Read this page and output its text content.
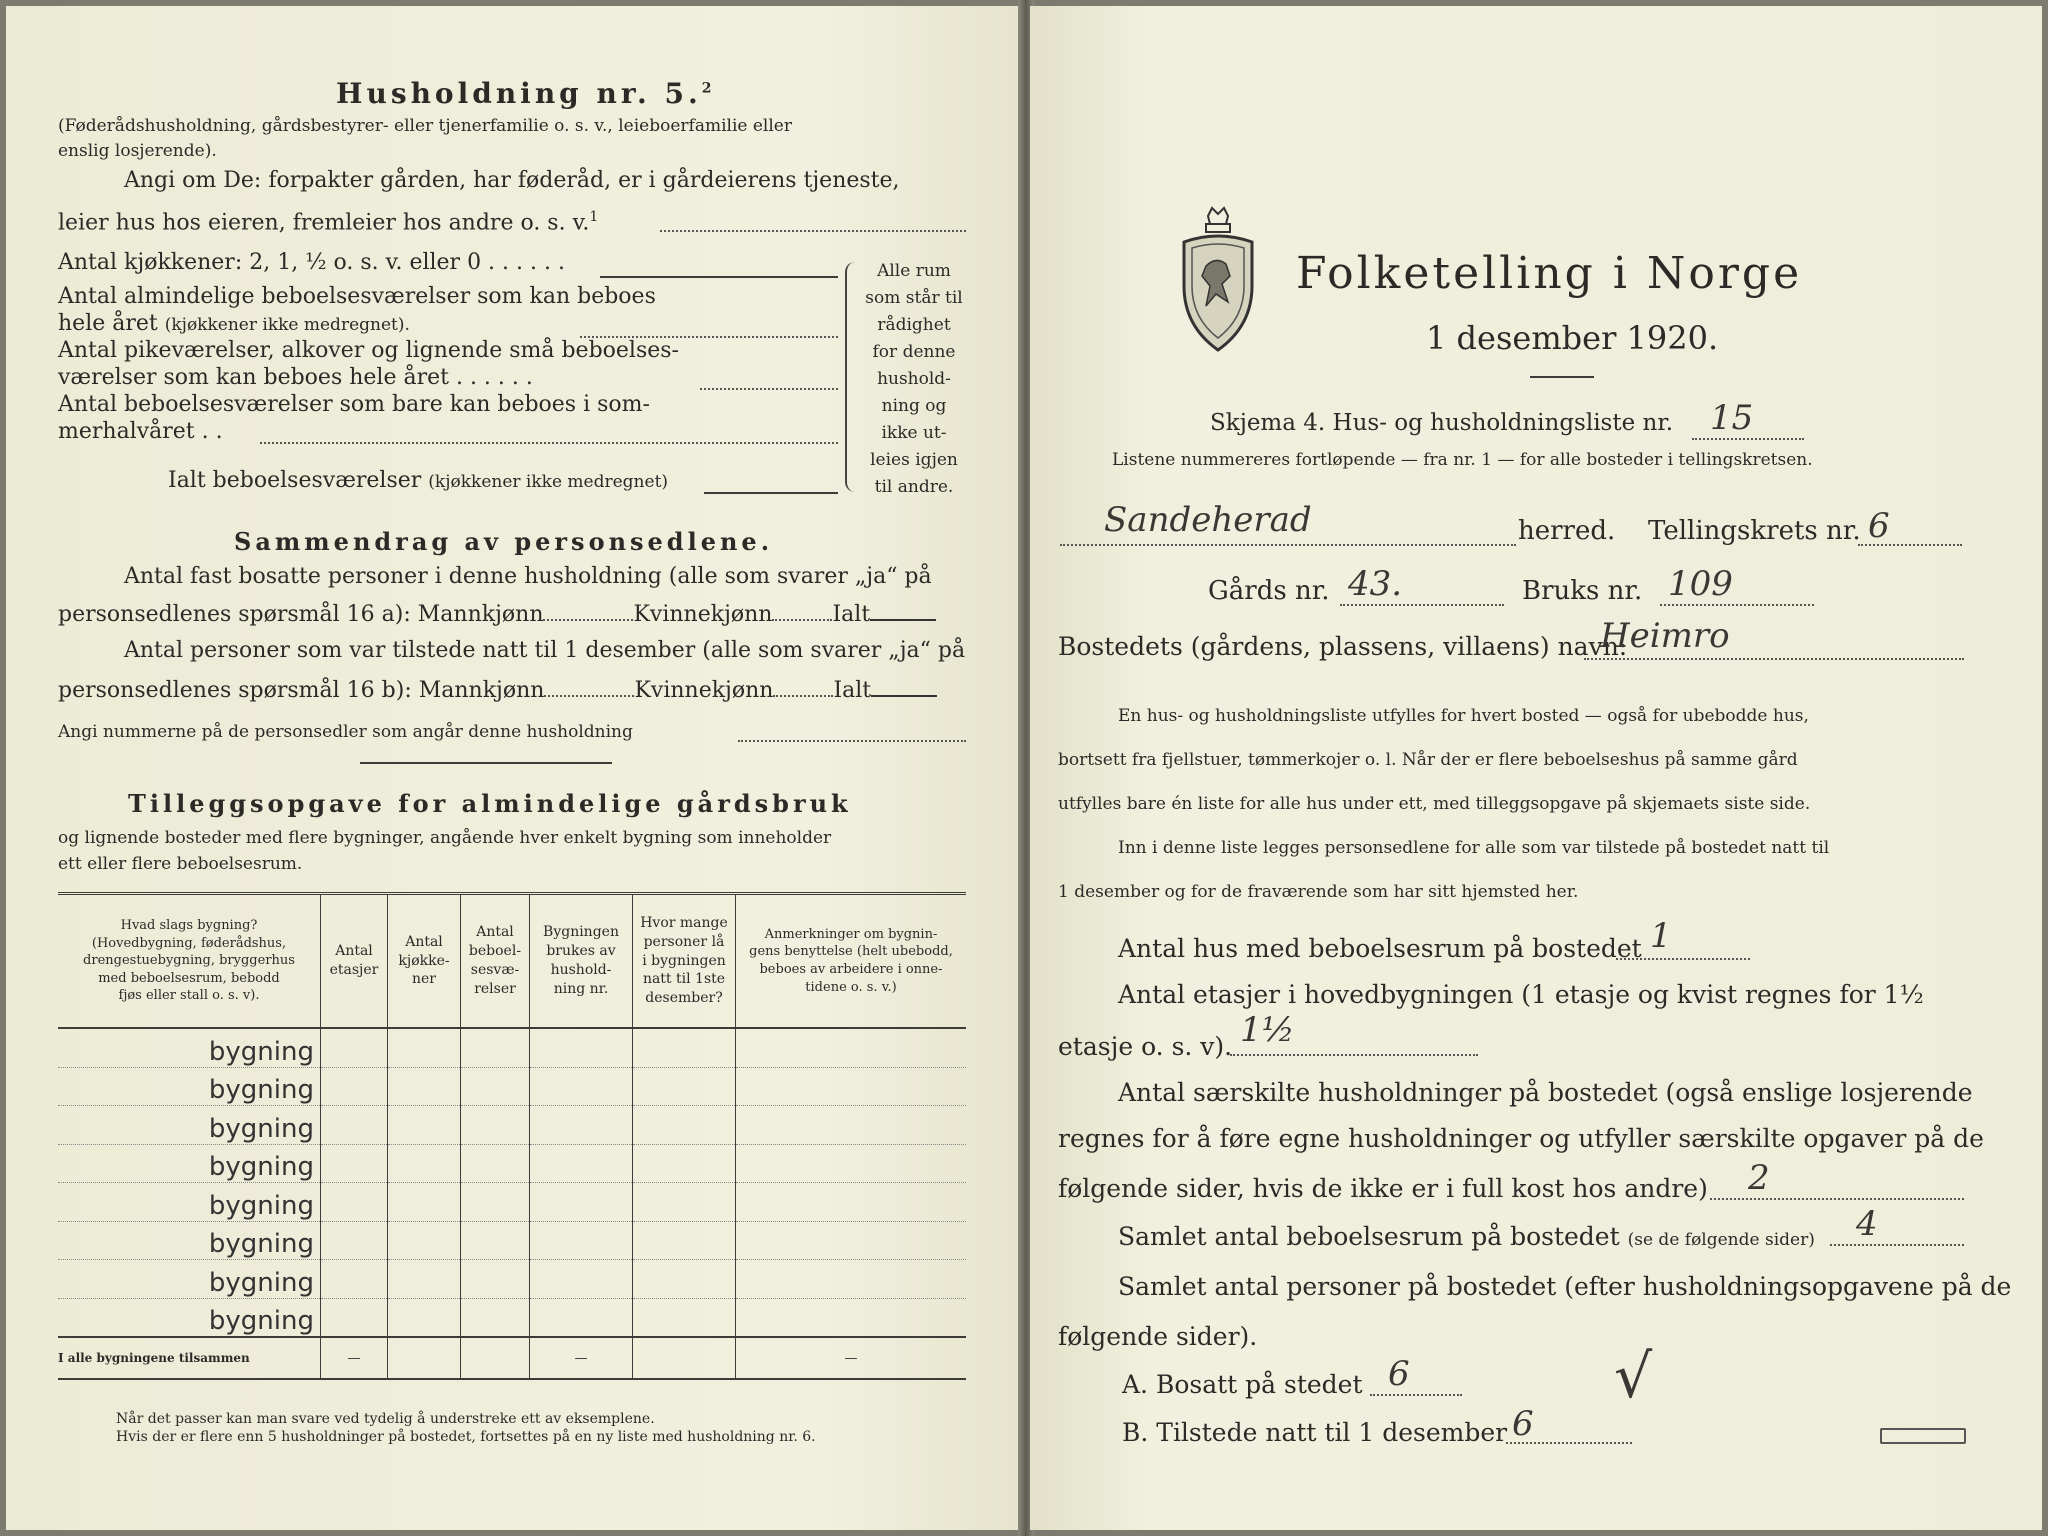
Husholdning nr. 5.$^2$
(Føderådshusholdning, gårdsbestyrer- eller tjenerfamilie o. s. v., leieboerfamilie eller
enslig losjerende).
Angi om De: forpakter gården, har føderåd, er i gårdeierens tjeneste,
leier hus hos eieren, fremleier hos andre o. s. v.$^1$
Antal kjøkkener: 2, 1, ½ o. s. v. eller 0 . . . . . .
Antal almindelige beboelsesværelser som kan beboes
hele året (kjøkkener ikke medregnet).
Antal pikeværelser, alkover og lignende små beboelses-
værelser som kan beboes hele året . . . . . .
Antal beboelsesværelser som bare kan beboes i som-
merhalvåret . .
Ialt beboelsesværelser (kjøkkener ikke medregnet)
Alle rum
som står til
rådighet
for denne
hushold-
ning og
ikke ut-
leies igjen
til andre.
Sammendrag av personsedlene.
Antal fast bosatte personer i denne husholdning (alle som svarer „ja“ på
personsedlenes spørsmål 16 a): Mannkjønn	Kvinnekjønn	Ialt
Antal personer som var tilstede natt til 1 desember (alle som svarer „ja“ på
personsedlenes spørsmål 16 b): Mannkjønn	Kvinnekjønn	Ialt
Angi nummerne på de personsedler som angår denne husholdning
Tilleggsopgave for almindelige gårdsbruk
og lignende bosteder med flere bygninger, angående hver enkelt bygning som inneholder
ett eller flere beboelsesrum.
Hvad slags bygning?
(Hovedbygning, føderådshus,
drengestuebygning, bryggerhus
med beboelsesrum, bebodd
fjøs eller stall o. s. v).	Antal
etasjer	Antal
kjøkke-
ner	Antal
beboel-
sesvæ-
relser	Bygningen
brukes av
hushold-
ning nr.	Hvor mange
personer lå
i bygningen
natt til 1ste
desember?	Anmerkninger om bygnin-
gens benyttelse (helt ubebodd,
beboes av arbeidere i onne-
tidene o. s. v.)

bygning						
bygning						
bygning						
bygning						
bygning						
bygning						
bygning						
bygning						
I alle bygningene tilsammen	—			—		—
Når det passer kan man svare ved tydelig å understreke ett av eksemplene.
Hvis der er flere enn 5 husholdninger på bostedet, fortsettes på en ny liste med husholdning nr. 6.
Folketelling i Norge
1 desember 1920.
Skjema 4. Hus- og husholdningsliste nr. 15
Listene nummereres fortløpende — fra nr. 1 — for alle bosteder i tellingskretsen.
Sandeherad	herred. Tellingskrets nr. 6
Gårds nr. 43.	Bruks nr. 109
Bostedets (gårdens, plassens, villaens) navn:
Heimro
En hus- og husholdningsliste utfylles for hvert bosted — også for ubebodde hus,
bortsett fra fjellstuer, tømmerkojer o. l. Når der er flere beboelseshus på samme gård
utfylles bare én liste for alle hus under ett, med tilleggsopgave på skjemaets siste side.
Inn i denne liste legges personsedlene for alle som var tilstede på bostedet natt til
1 desember og for de fraværende som har sitt hjemsted her.
Antal hus med beboelsesrum på bostedet 1
Antal etasjer i hovedbygningen (1 etasje og kvist regnes for 1½
etasje o. s. v). 1½
Antal særskilte husholdninger på bostedet (også enslige losjerende
regnes for å føre egne husholdninger og utfyller særskilte opgaver på de
følgende sider, hvis de ikke er i full kost hos andre) 2
Samlet antal beboelsesrum på bostedet (se de følgende sider) 4
Samlet antal personer på bostedet (efter husholdningsopgavene på de
følgende sider).
A. Bosatt på stedet 6	√
B. Tilstede natt til 1 desember 6
